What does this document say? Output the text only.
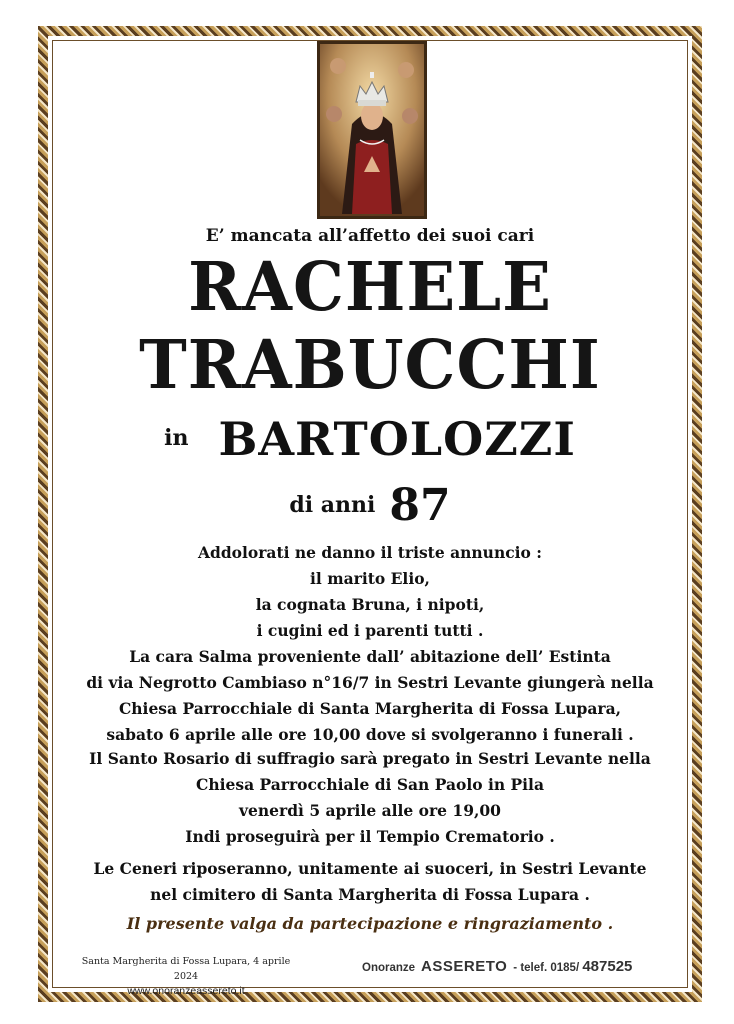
E’ mancata all’affetto dei suoi cari
RACHELE
TRABUCCHI
in BARTOLOZZI
di anni 87
Addolorati ne danno il triste annuncio :
il marito Elio,
la cognata Bruna, i nipoti,
i cugini ed i parenti tutti .
La cara Salma proveniente dall’ abitazione dell’ Estinta
di via Negrotto Cambiaso n°16/7 in Sestri Levante giungerà nella
Chiesa Parrocchiale di Santa Margherita di Fossa Lupara,
sabato 6 aprile alle ore 10,00 dove si svolgeranno i funerali .
Il Santo Rosario di suffragio sarà pregato in Sestri Levante nella
Chiesa Parrocchiale di San Paolo in Pila
venerdì 5 aprile alle ore 19,00
Indi proseguirà per il Tempio Crematorio .
Le Ceneri riposeranno, unitamente ai suoceri, in Sestri Levante
nel cimitero di Santa Margherita di Fossa Lupara .
Il presente valga da partecipazione e ringraziamento .
Santa Margherita di Fossa Lupara, 4 aprile 2024
www.onoranzeassereto.it
Onoranze ASSERETO - telef. 0185/ 487525
